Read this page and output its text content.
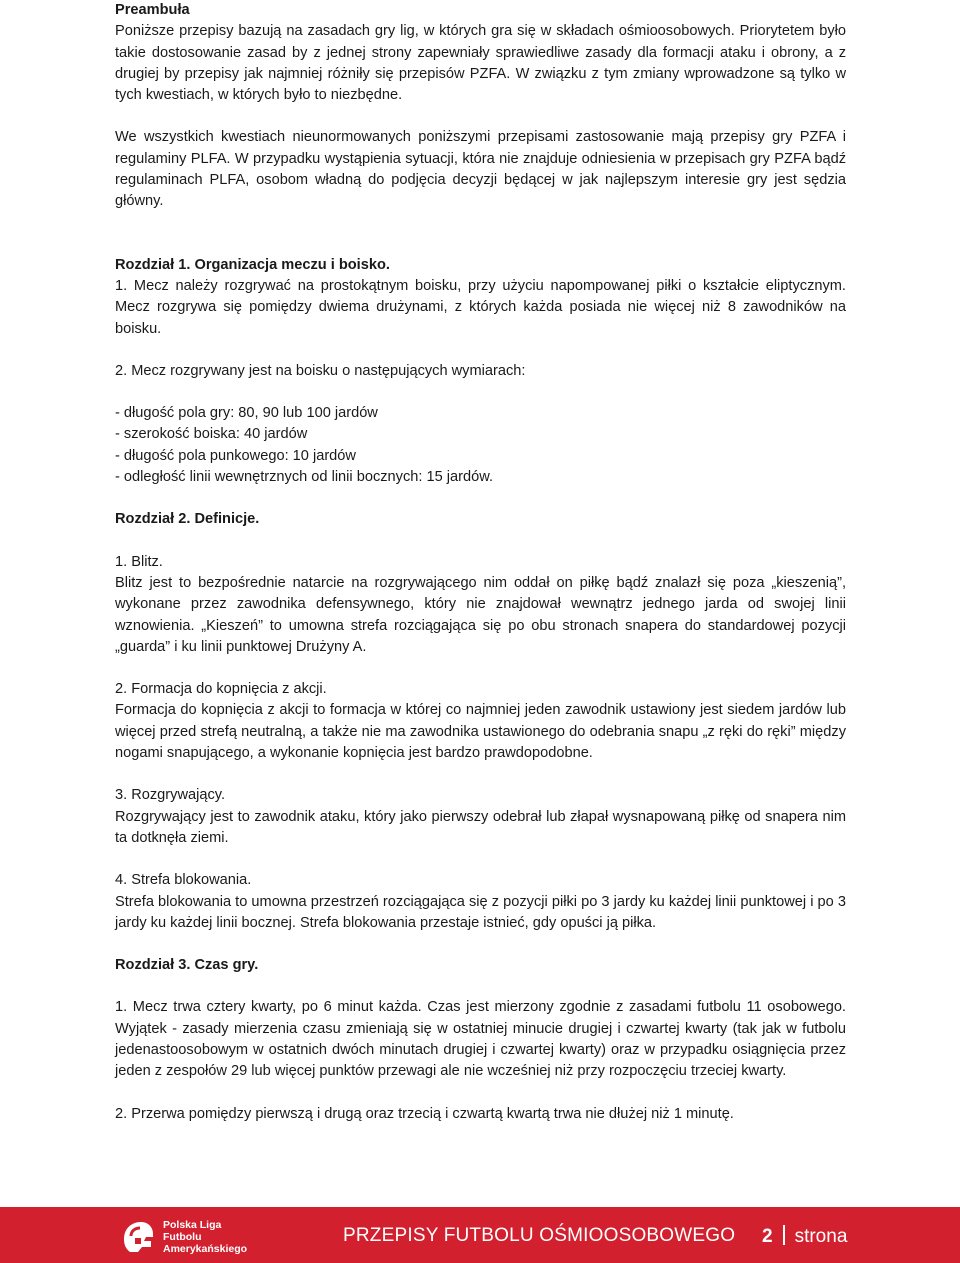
Preambuła

Poniższe przepisy bazują na zasadach gry lig, w których gra się w składach ośmioosobowych. Priorytetem było takie dostosowanie zasad by z jednej strony zapewniały sprawiedliwe zasady dla formacji ataku i obrony, a z drugiej by przepisy jak najmniej różniły się przepisów PZFA. W związku z tym zmiany wprowadzone są tylko w tych kwestiach, w których było to niezbędne.

We wszystkich kwestiach nieunormowanych poniższymi przepisami zastosowanie mają przepisy gry PZFA i regulaminy PLFA. W przypadku wystąpienia sytuacji, która nie znajduje odniesienia w przepisach gry PZFA bądź regulaminach PLFA, osobom władną do podjęcia decyzji będącej w jak najlepszym interesie gry jest sędzia główny.

Rozdział 1. Organizacja meczu i boisko.

1. Mecz należy rozgrywać na prostokątnym boisku, przy użyciu napompowanej piłki o kształcie eliptycznym. Mecz rozgrywa się pomiędzy dwiema drużynami, z których każda posiada nie więcej niż 8 zawodników na boisku.

2. Mecz rozgrywany jest na boisku o następujących wymiarach:

- długość pola gry: 80, 90 lub 100 jardów

- szerokość boiska: 40 jardów

- długość pola punkowego: 10 jardów

- odległość linii wewnętrznych od linii bocznych: 15 jardów.

Rozdział 2. Definicje.

1. Blitz.

Blitz jest to bezpośrednie natarcie na rozgrywającego nim oddał on piłkę bądź znalazł się poza „kieszenią”, wykonane przez zawodnika defensywnego, który nie znajdował wewnątrz jednego jarda od swojej linii wznowienia. „Kieszeń” to umowna strefa rozciągająca się po obu stronach snapera do standardowej pozycji „guarda” i ku linii punktowej Drużyny A.

2. Formacja do kopnięcia z akcji.

Formacja do kopnięcia z akcji to formacja w której co najmniej jeden zawodnik ustawiony jest siedem jardów lub więcej przed strefą neutralną, a także nie ma zawodnika ustawionego do odebrania snapu „z ręki do ręki” między nogami snapującego, a wykonanie kopnięcia jest bardzo prawdopodobne.

3. Rozgrywający.

Rozgrywający jest to zawodnik ataku, który jako pierwszy odebrał lub złapał wysnapowaną piłkę od snapera nim ta dotknęła ziemi.

4. Strefa blokowania.

Strefa blokowania to umowna przestrzeń rozciągająca się z pozycji piłki po 3 jardy ku każdej linii punktowej i po 3 jardy ku każdej linii bocznej. Strefa blokowania przestaje istnieć, gdy opuści ją piłka.

Rozdział 3. Czas gry.

1. Mecz trwa cztery kwarty, po 6 minut każda. Czas jest mierzony zgodnie z zasadami futbolu 11 osobowego. Wyjątek - zasady mierzenia czasu zmieniają się w ostatniej minucie drugiej i czwartej kwarty (tak jak w futbolu jedenastoosobowym w ostatnich dwóch minutach drugiej i czwartej kwarty) oraz w przypadku osiągnięcia przez jeden z zespołów 29 lub więcej punktów przewagi ale nie wcześniej niż przy rozpoczęciu trzeciej kwarty.

2. Przerwa pomiędzy pierwszą i drugą oraz trzecią i czwartą kwartą trwa nie dłużej niż 1 minutę.

Polska Liga
Futbolu
Amerykańskiego
PRZEPISY FUTBOLU OŚMIOOSOBOWEGO 2 strona
